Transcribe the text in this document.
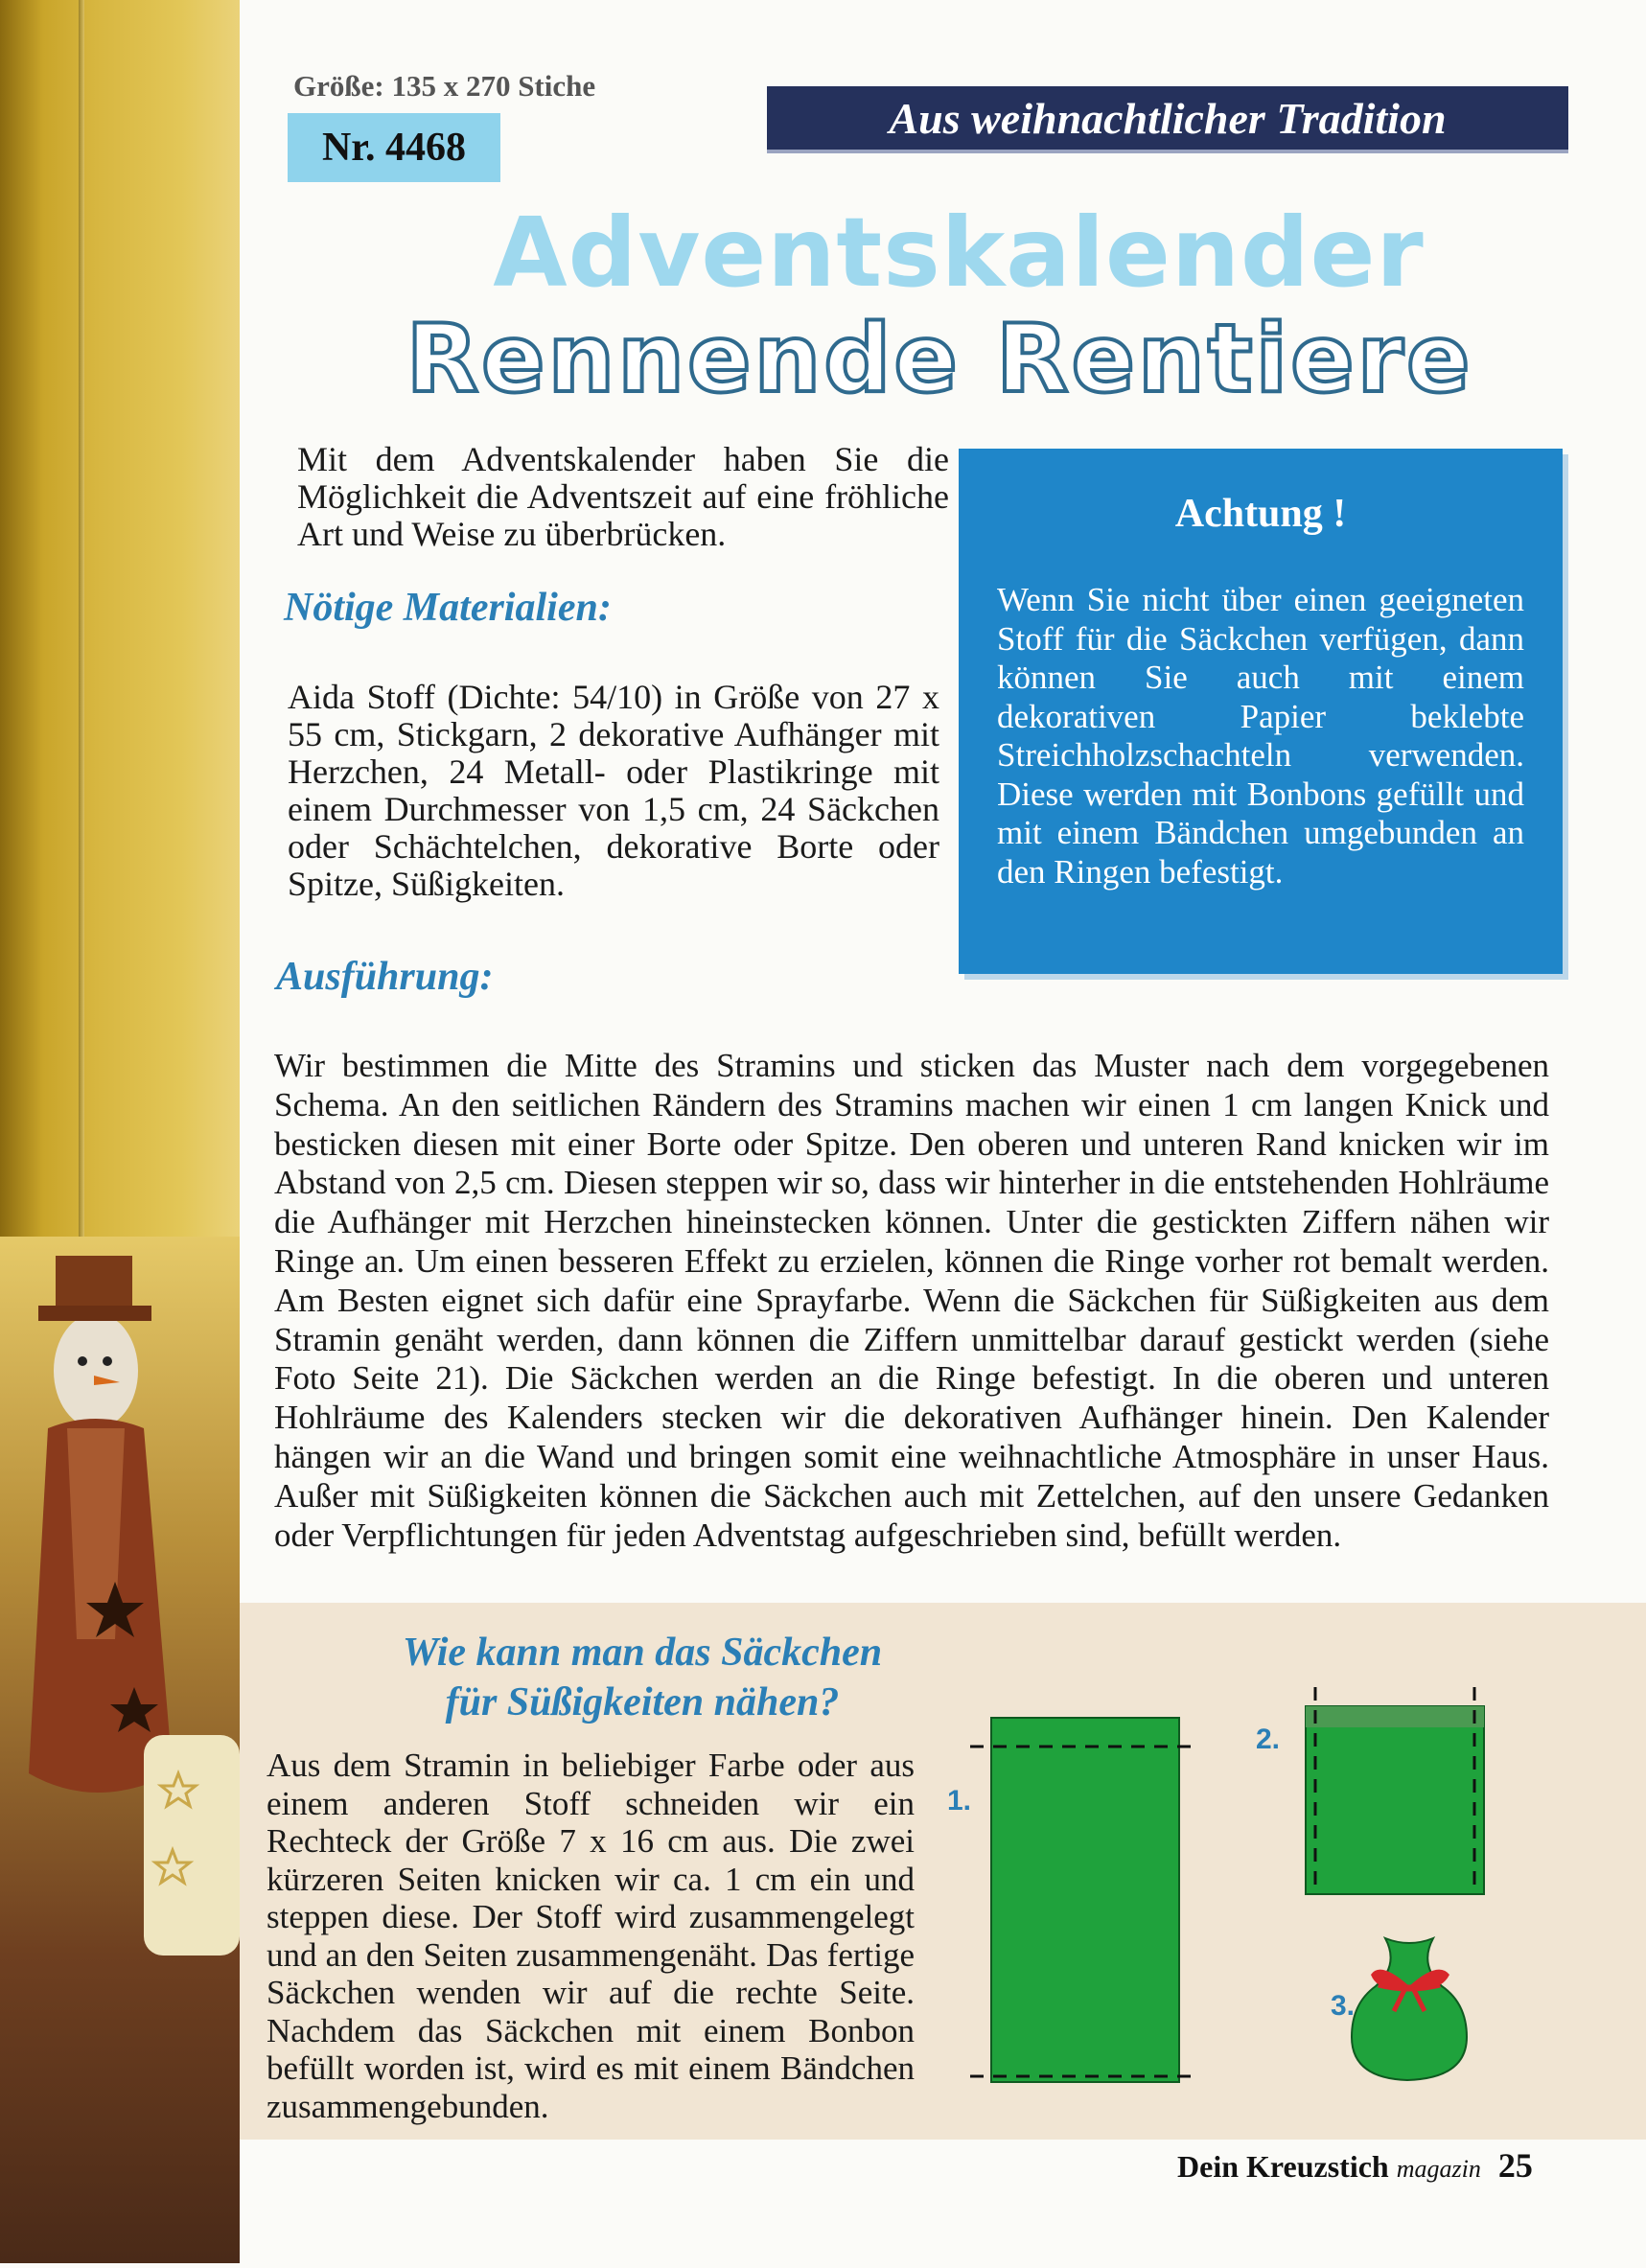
Größe: 135 x 270 Stiche
Nr. 4468
Aus weihnachtlicher Tradition
Adventskalender
Rennende Rentiere
Mit dem Adventskalender haben Sie die Möglichkeit die Adventszeit auf eine fröhliche Art und Weise zu überbrücken.
Nötige Materialien:
Aida Stoff (Dichte: 54/10) in Größe von 27 x 55 cm, Stickgarn, 2 dekorative Aufhänger mit Herzchen, 24 Metall- oder Plastikringe mit einem Durchmesser von 1,5 cm, 24 Säckchen oder Schächtelchen, dekorative Borte oder Spitze, Süßigkeiten.
Achtung !
Wenn Sie nicht über einen geeigneten Stoff für die Säckchen verfügen, dann können Sie auch mit einem dekorativen Papier beklebte Streichholzschachteln verwenden. Diese werden mit Bonbons gefüllt und mit einem Bändchen umgebunden an den Ringen befestigt.
Ausführung:
Wir bestimmen die Mitte des Stramins und sticken das Muster nach dem vorgegebenen Schema. An den seitlichen Rändern des Stramins machen wir einen 1 cm langen Knick und besticken diesen mit einer Borte oder Spitze. Den oberen und unteren Rand knicken wir im Abstand von 2,5 cm. Diesen steppen wir so, dass wir hinterher in die entstehenden Hohlräume die Aufhänger mit Herzchen hineinstecken können. Unter die gestickten Ziffern nähen wir Ringe an. Um einen besseren Effekt zu erzielen, können die Ringe vorher rot bemalt werden. Am Besten eignet sich dafür eine Sprayfarbe. Wenn die Säckchen für Süßigkeiten aus dem Stramin genäht werden, dann können die Ziffern unmittelbar darauf gestickt werden (siehe Foto Seite 21). Die Säckchen werden an die Ringe befestigt. In die oberen und unteren Hohlräume des Kalenders stecken wir die dekorativen Aufhänger hinein. Den Kalender hängen wir an die Wand und bringen somit eine weihnachtliche Atmosphäre in unser Haus. Außer mit Süßigkeiten können die Säckchen auch mit Zettelchen, auf den unsere Gedanken oder Verpflichtungen für jeden Adventstag aufgeschrieben sind, befüllt werden.
Wie kann man das Säckchen
für Süßigkeiten nähen?
Aus dem Stramin in beliebiger Farbe oder aus einem anderen Stoff schneiden wir ein Rechteck der Größe 7 x 16 cm aus. Die zwei kürzeren Seiten knicken wir ca. 1 cm ein und steppen diese. Der Stoff wird zusammengelegt und an den Seiten zusammengenäht. Das fertige Säckchen wenden wir auf die rechte Seite. Nachdem das Säckchen mit einem Bonbon befüllt worden ist, wird es mit einem Bändchen zusammengebunden.
1.
2.
3.
Dein Kreuzstich magazin 25
